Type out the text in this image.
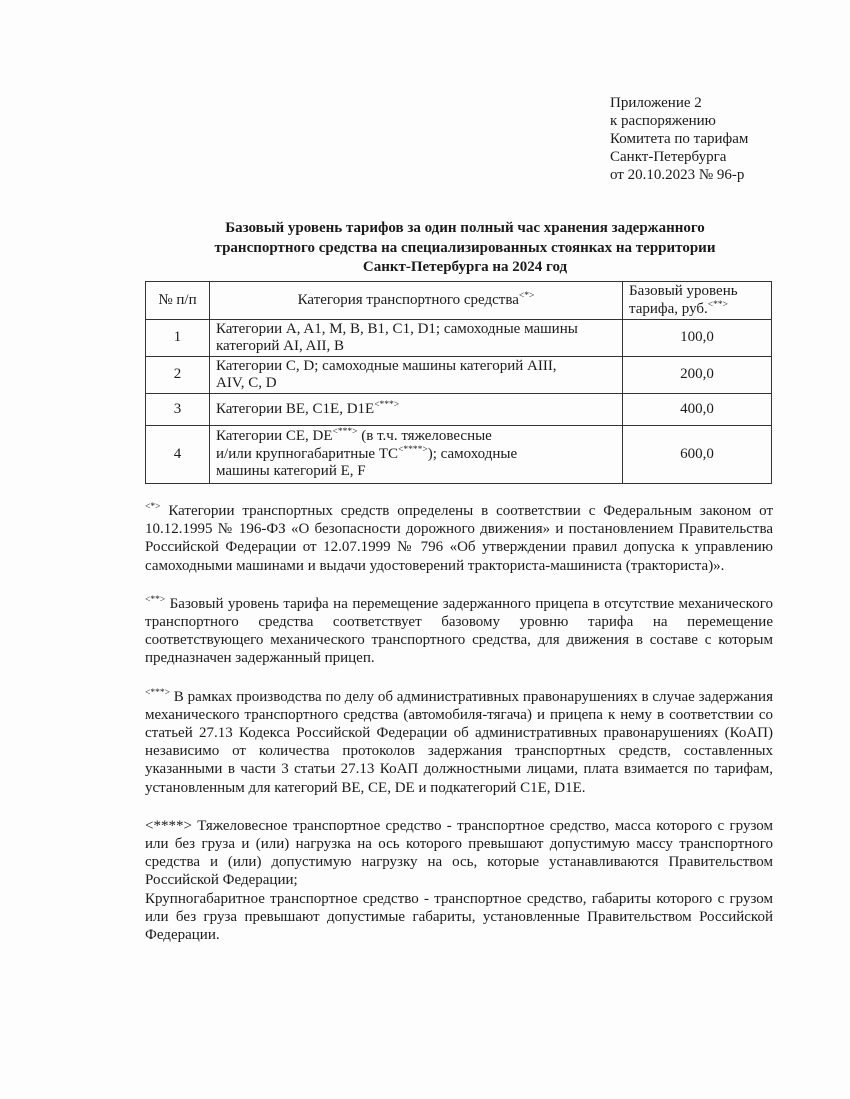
Приложение 2
к распоряжению
Комитета по тарифам
Санкт-Петербурга
от 20.10.2023 № 96-р
Базовый уровень тарифов за один полный час хранения задержанного
транспортного средства на специализированных стоянках на территории
Санкт-Петербурга на 2024 год
№ п/п	Категория транспортного средства<*>	Базовый уровень
тарифа, руб.<**>
1	Категории A, A1, M, B, B1, C1, D1; самоходные машины
категорий AI, AII, B	100,0
2	Категории C, D; самоходные машины категорий AIII,
AIV, C, D	200,0
3	Категории BE, C1E, D1E<***>	400,0
4	Категории CE, DE<***> (в т.ч. тяжеловесные
и/или крупногабаритные ТС<****>); самоходные
машины категорий E, F	600,0

<*> Категории транспортных средств определены в соответствии с Федеральным законом от 10.12.1995 № 196-ФЗ «О безопасности дорожного движения» и постановлением Правительства Российской Федерации от 12.07.1999 № 796 «Об утверждении правил допуска к управлению самоходными машинами и выдачи удостоверений тракториста-машиниста (тракториста)».

<**> Базовый уровень тарифа на перемещение задержанного прицепа в отсутствие механического транспортного средства соответствует базовому уровню тарифа на перемещение соответствующего механического транспортного средства, для движения в составе с которым предназначен задержанный прицеп.

<***> В рамках производства по делу об административных правонарушениях в случае задержания механического транспортного средства (автомобиля-тягача) и прицепа к нему в соответствии со статьей 27.13 Кодекса Российской Федерации об административных правонарушениях (КоАП) независимо от количества протоколов задержания транспортных средств, составленных указанными в части 3 статьи 27.13 КоАП должностными лицами, плата взимается по тарифам, установленным для категорий BE, CE, DE и подкатегорий C1E, D1E.

<****> Тяжеловесное транспортное средство - транспортное средство, масса которого с грузом или без груза и (или) нагрузка на ось которого превышают допустимую массу транспортного средства и (или) допустимую нагрузку на ось, которые устанавливаются Правительством Российской Федерации;

Крупногабаритное транспортное средство - транспортное средство, габариты которого с грузом или без груза превышают допустимые габариты, установленные Правительством Российской Федерации.
